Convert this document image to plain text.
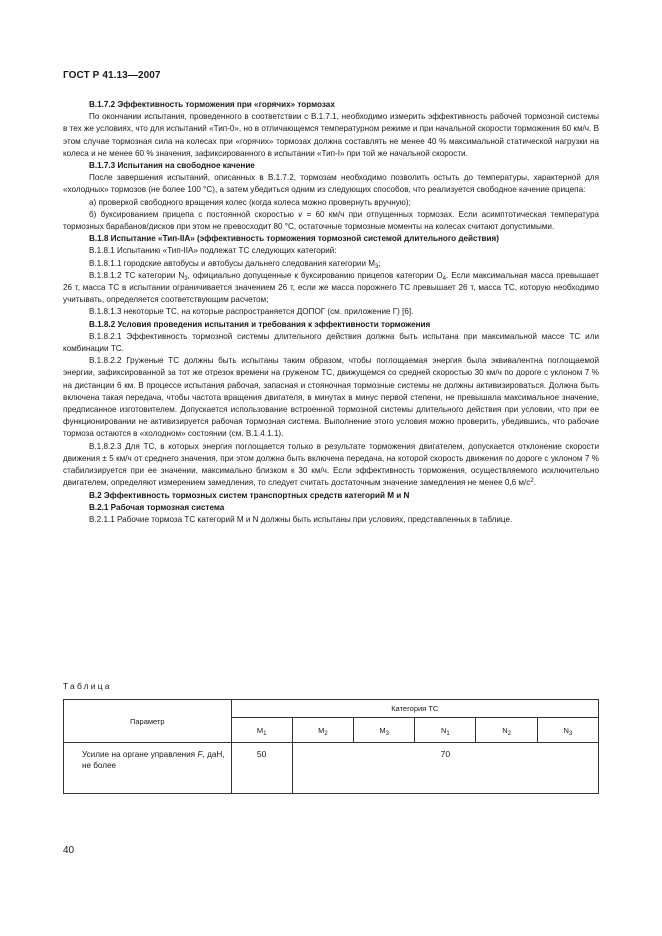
ГОСТ Р 41.13—2007

В.1.7.2 Эффективность торможения при «горячих» тормозах

По окончании испытания, проведенного в соответствии с В.1.7.1, необходимо измерить эффективность рабочей тормозной системы в тех же условиях, что для испытаний «Тип-0», но в отличающемся температурном режиме и при начальной скорости торможения 60 км/ч. В этом случае тормозная сила на колесах при «горячих» тормозах должна составлять не менее 40 % максимальной статической нагрузки на колеса и не менее 60 % значения, зафиксированного в испытании «Тип-I» при той же начальной скорости.

В.1.7.3 Испытания на свободное качение

После завершения испытаний, описанных в В.1.7.2, тормозам необходимо позволить остыть до температуры, характерной для «холодных» тормозов (не более 100 °С), а затем убедиться одним из следующих способов, что реализуется свободное качение прицепа:

а) проверкой свободного вращения колес (когда колеса можно провернуть вручную);

б) буксированием прицепа с постоянной скоростью v = 60 км/ч при отпущенных тормозах. Если асимптотическая температура тормозных барабанов/дисков при этом не превосходит 80 °С, остаточные тормозные моменты на колесах считают допустимыми.

В.1.8 Испытание «Тип-IIA» (эффективность торможения тормозной системой длительного действия)

В.1.8.1 Испытанию «Тип-IIA» подлежат ТС следующих категорий:

В.1.8.1.1 городские автобусы и автобусы дальнего следования категории $М_3$;

В.1.8.1.2 ТС категории $N_3$, официально допущенные к буксированию прицепов категории $О_4$. Если максимальная масса превышает 26 т, масса ТС в испытании ограничивается значением 26 т, если же масса порожнего ТС превышает 26 т, масса ТС, которую необходимо учитывать, определяется соответствующим расчетом;

В.1.8.1.3 некоторые ТС, на которые распространяется ДОПОГ (см. приложение Г) [6].

В.1.8.2 Условия проведения испытания и требования к эффективности торможения

В.1.8.2.1 Эффективность тормозной системы длительного действия должна быть испытана при максимальной массе ТС или комбинации ТС.

В.1.8.2.2 Груженые ТС должны быть испытаны таким образом, чтобы поглощаемая энергия была эквивалентна поглощаемой энергии, зафиксированной за тот же отрезок времени на груженом ТС, движущемся со средней скоростью 30 км/ч по дороге с уклоном 7 % на дистанции 6 км. В процессе испытания рабочая, запасная и стояночная тормозные системы не должны активизироваться. Должна быть включена такая передача, чтобы частота вращения двигателя, в минутах в минус первой степени, не превышала максимальное значение, предписанное изготовителем. Допускается использование встроенной тормозной системы длительного действия при условии, что при ее функционировании не активизируется рабочая тормозная система. Выполнение этого условия можно проверить, убедившись, что рабочие тормоза остаются в «холодном» состоянии (см. В.1.4.1.1).

В.1.8.2.3 Для ТС, в которых энергия поглощается только в результате торможения двигателем, допускается отклонение скорости движения ± 5 км/ч от среднего значения, при этом должна быть включена передача, на которой скорость движения по дороге с уклоном 7 % стабилизируется при ее значении, максимально близком к 30 км/ч. Если эффективность торможения, осуществляемого исключительно двигателем, определяют измерением замедления, то следует считать достаточным значение замедления не менее 0,6 $м/с^2$.

В.2 Эффективность тормозных систем транспортных средств категорий М и N

В.2.1 Рабочая тормозная система

В.2.1.1 Рабочие тормоза ТС категорий М и N должны быть испытаны при условиях, представленных в таблице.

Таблица
Параметр	Категория ТС					
	$M_1$	$M_2$	$M_3$	$N_1$	$N_2$	$N_3$
Усилие на органе управления F, даН, не более	50	70				
40
